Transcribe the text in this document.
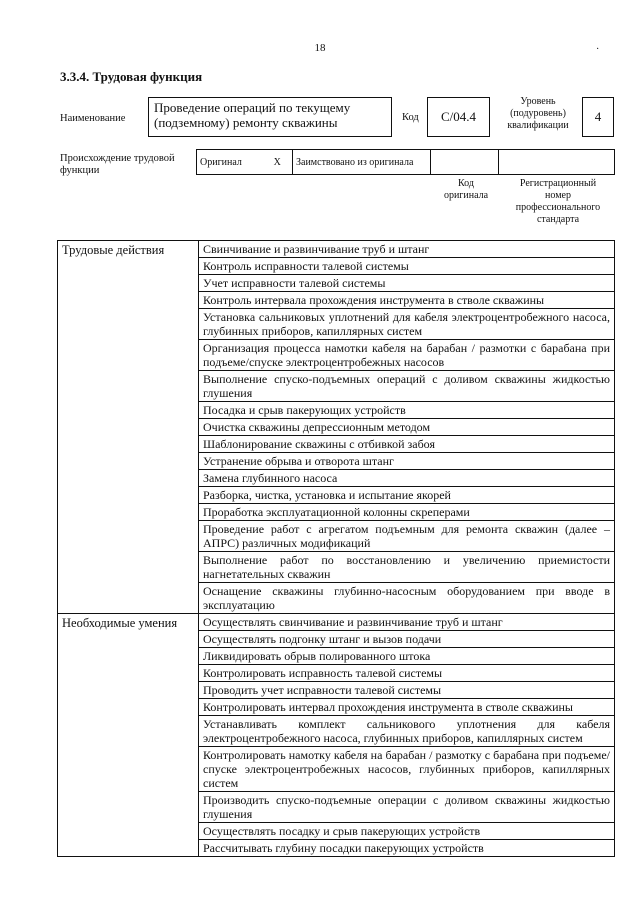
18	·
3.3.4. Трудовая функция
Наименование
Проведение операций по текущему (подземному) ремонту скважины	Код	С/04.4
Уровень (подуровень) квалификации
4
Происхождение трудовой функции
Оригинал	X	Заимствовано из оригинала		
Код оригинала
Регистрационный номер профессионального стандарта
Трудовые действия	Свинчивание и развинчивание труб и штанг
	Контроль исправности талевой системы
	Учет исправности талевой системы
	Контроль интервала прохождения инструмента в стволе скважины
	Установка сальниковых уплотнений для кабеля электроцентробежного насоса, глубинных приборов, капиллярных систем
	Организация процесса намотки кабеля на барабан / размотки с барабана при подъеме/спуске электроцентробежных насосов
	Выполнение спуско-подъемных операций с доливом скважины жидкостью глушения
	Посадка и срыв пакерующих устройств
	Очистка скважины депрессионным методом
	Шаблонирование скважины с отбивкой забоя
	Устранение обрыва и отворота штанг
	Замена глубинного насоса
	Разборка, чистка, установка и испытание якорей
	Проработка эксплуатационной колонны скреперами
	Проведение работ с агрегатом подъемным для ремонта скважин (далее – АПРС) различных модификаций
	Выполнение работ по восстановлению и увеличению приемистости нагнетательных скважин
	Оснащение скважины глубинно-насосным оборудованием при вводе в эксплуатацию
Необходимые умения	Осуществлять свинчивание и развинчивание труб и штанг
	Осуществлять подгонку штанг и вызов подачи
	Ликвидировать обрыв полированного штока
	Контролировать исправность талевой системы
	Проводить учет исправности талевой системы
	Контролировать интервал прохождения инструмента в стволе скважины
	Устанавливать комплект сальникового уплотнения для кабеля электроцентробежного насоса, глубинных приборов, капиллярных систем
	Контролировать намотку кабеля на барабан / размотку с барабана при подъеме/спуске электроцентробежных насосов, глубинных приборов, капиллярных систем
	Производить спуско-подъемные операции с доливом скважины жидкостью глушения
	Осуществлять посадку и срыв пакерующих устройств
	Рассчитывать глубину посадки пакерующих устройств
